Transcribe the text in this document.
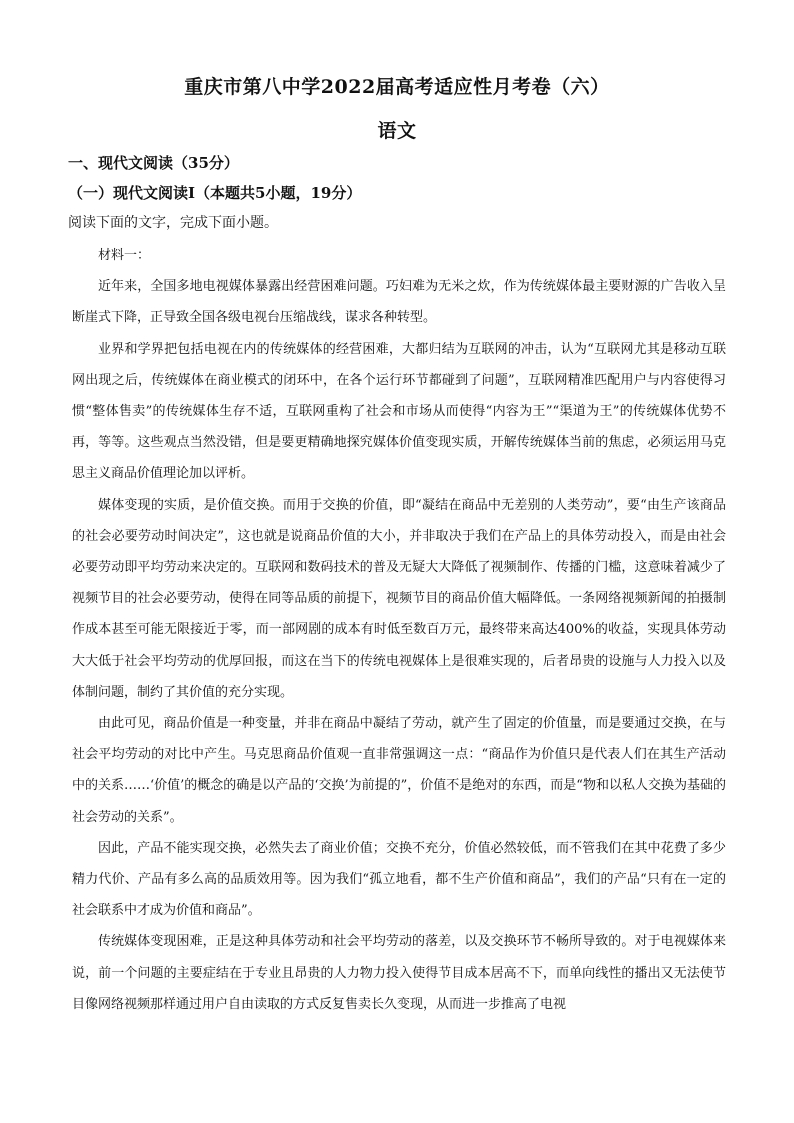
重庆市第八中学2022届高考适应性月考卷（六）
语文
一、现代文阅读（35分）
（一）现代文阅读Ⅰ（本题共5小题，19分）
阅读下面的文字，完成下面小题。

材料一：

近年来，全国多地电视媒体暴露出经营困难问题。巧妇难为无米之炊，作为传统媒体最主要财源的广告收入呈断崖式下降，正导致全国各级电视台压缩战线，谋求各种转型。

业界和学界把包括电视在内的传统媒体的经营困难，大都归结为互联网的冲击，认为“互联网尤其是移动互联网出现之后，传统媒体在商业模式的闭环中，在各个运行环节都碰到了问题”，互联网精准匹配用户与内容使得习惯“整体售卖”的传统媒体生存不适，互联网重构了社会和市场从而使得“内容为王”“渠道为王”的传统媒体优势不再，等等。这些观点当然没错，但是要更精确地探究媒体价值变现实质，开解传统媒体当前的焦虑，必须运用马克思主义商品价值理论加以评析。

媒体变现的实质，是价值交换。而用于交换的价值，即“凝结在商品中无差别的人类劳动”，要“由生产该商品的社会必要劳动时间决定”，这也就是说商品价值的大小，并非取决于我们在产品上的具体劳动投入，而是由社会必要劳动即平均劳动来决定的。互联网和数码技术的普及无疑大大降低了视频制作、传播的门槛，这意味着减少了视频节目的社会必要劳动，使得在同等品质的前提下，视频节目的商品价值大幅降低。一条网络视频新闻的拍摄制作成本甚至可能无限接近于零，而一部网剧的成本有时低至数百万元，最终带来高达400%的收益，实现具体劳动大大低于社会平均劳动的优厚回报，而这在当下的传统电视媒体上是很难实现的，后者昂贵的设施与人力投入以及体制问题，制约了其价值的充分实现。

由此可见，商品价值是一种变量，并非在商品中凝结了劳动，就产生了固定的价值量，而是要通过交换，在与社会平均劳动的对比中产生。马克思商品价值观一直非常强调这一点：“商品作为价值只是代表人们在其生产活动中的关系……‘价值’的概念的确是以产品的‘交换’为前提的”，价值不是绝对的东西，而是“物和以私人交换为基础的社会劳动的关系”。

因此，产品不能实现交换，必然失去了商业价值；交换不充分，价值必然较低，而不管我们在其中花费了多少精力代价、产品有多么高的品质效用等。因为我们“孤立地看，都不生产价值和商品”，我们的产品“只有在一定的社会联系中才成为价值和商品”。

传统媒体变现困难，正是这种具体劳动和社会平均劳动的落差，以及交换环节不畅所导致的。对于电视媒体来说，前一个问题的主要症结在于专业且昂贵的人力物力投入使得节目成本居高不下，而单向线性的播出又无法使节目像网络视频那样通过用户自由读取的方式反复售卖长久变现，从而进一步推高了电视
